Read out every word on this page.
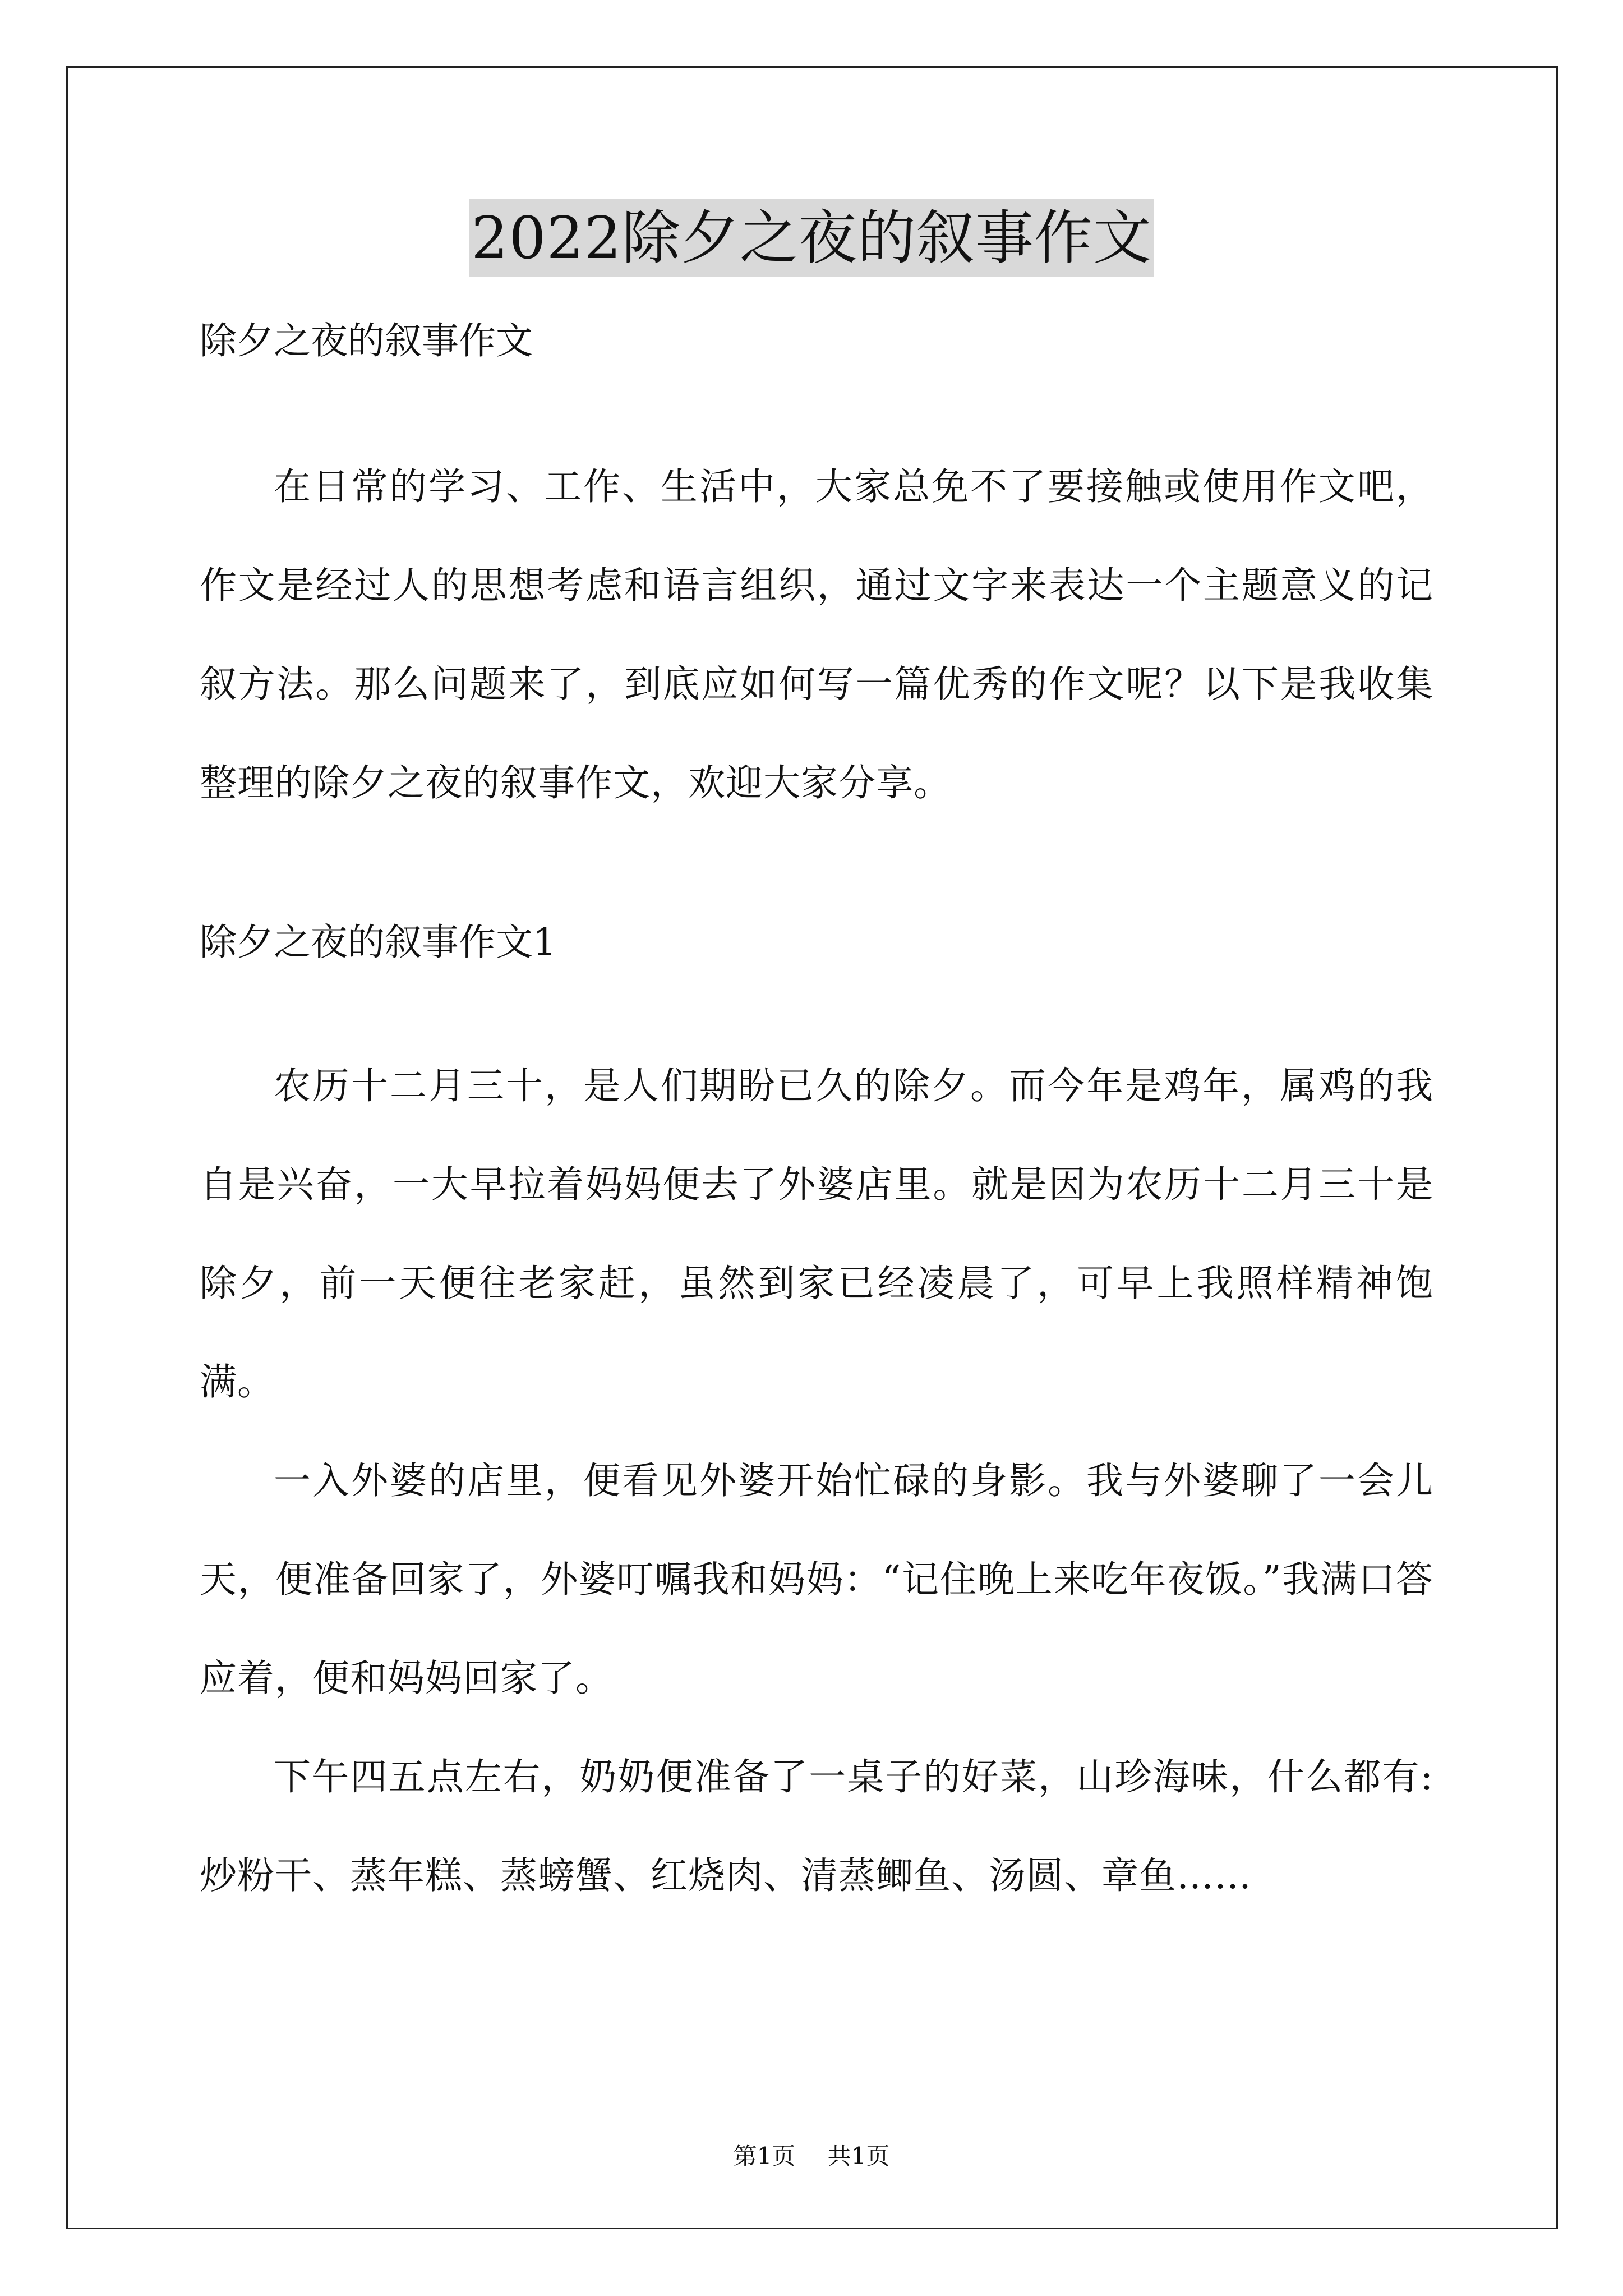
2022除夕之夜的叙事作文

除夕之夜的叙事作文

在日常的学习、工作、生活中，大家总免不了要接触或使用作文吧，作文是经过人的思想考虑和语言组织，通过文字来表达一个主题意义的记叙方法。那么问题来了，到底应如何写一篇优秀的作文呢？以下是我收集整理的除夕之夜的叙事作文，欢迎大家分享。

除夕之夜的叙事作文1

农历十二月三十，是人们期盼已久的除夕。而今年是鸡年，属鸡的我自是兴奋，一大早拉着妈妈便去了外婆店里。就是因为农历十二月三十是除夕，前一天便往老家赶，虽然到家已经凌晨了，可早上我照样精神饱满。

一入外婆的店里，便看见外婆开始忙碌的身影。我与外婆聊了一会儿天，便准备回家了，外婆叮嘱我和妈妈：“记住晚上来吃年夜饭。”我满口答应着，便和妈妈回家了。

下午四五点左右，奶奶便准备了一桌子的好菜，山珍海味，什么都有: 炒粉干、蒸年糕、蒸螃蟹、红烧肉、清蒸鲫鱼、汤圆、章鱼……

第1页 共1页
